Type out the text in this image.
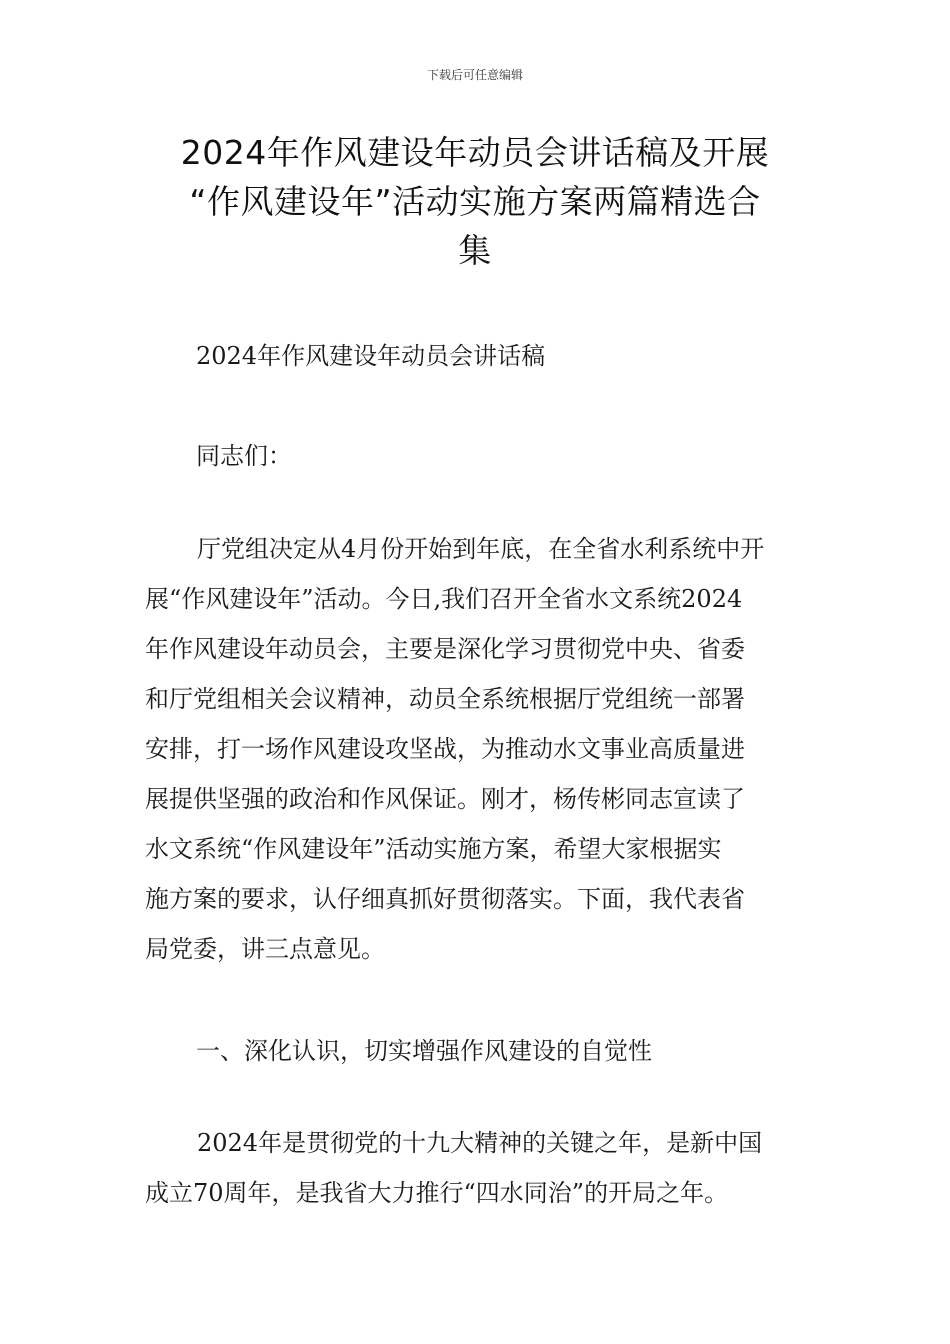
下载后可任意编辑
2024年作风建设年动员会讲话稿及开展
“作风建设年”活动实施方案两篇精选合
集
2024年作风建设年动员会讲话稿
同志们：
厅党组决定从4月份开始到年底，在全省水利系统中开
展“作风建设年”活动。今日,我们召开全省水文系统2024
年作风建设年动员会，主要是深化学习贯彻党中央、省委
和厅党组相关会议精神，动员全系统根据厅党组统一部署
安排，打一场作风建设攻坚战，为推动水文事业高质量进
展提供坚强的政治和作风保证。刚才，杨传彬同志宣读了
水文系统“作风建设年”活动实施方案，希望大家根据实
施方案的要求，认仔细真抓好贯彻落实。下面，我代表省
局党委，讲三点意见。
一、深化认识，切实增强作风建设的自觉性
2024年是贯彻党的十九大精神的关键之年，是新中国
成立70周年，是我省大力推行“四水同治”的开局之年。
